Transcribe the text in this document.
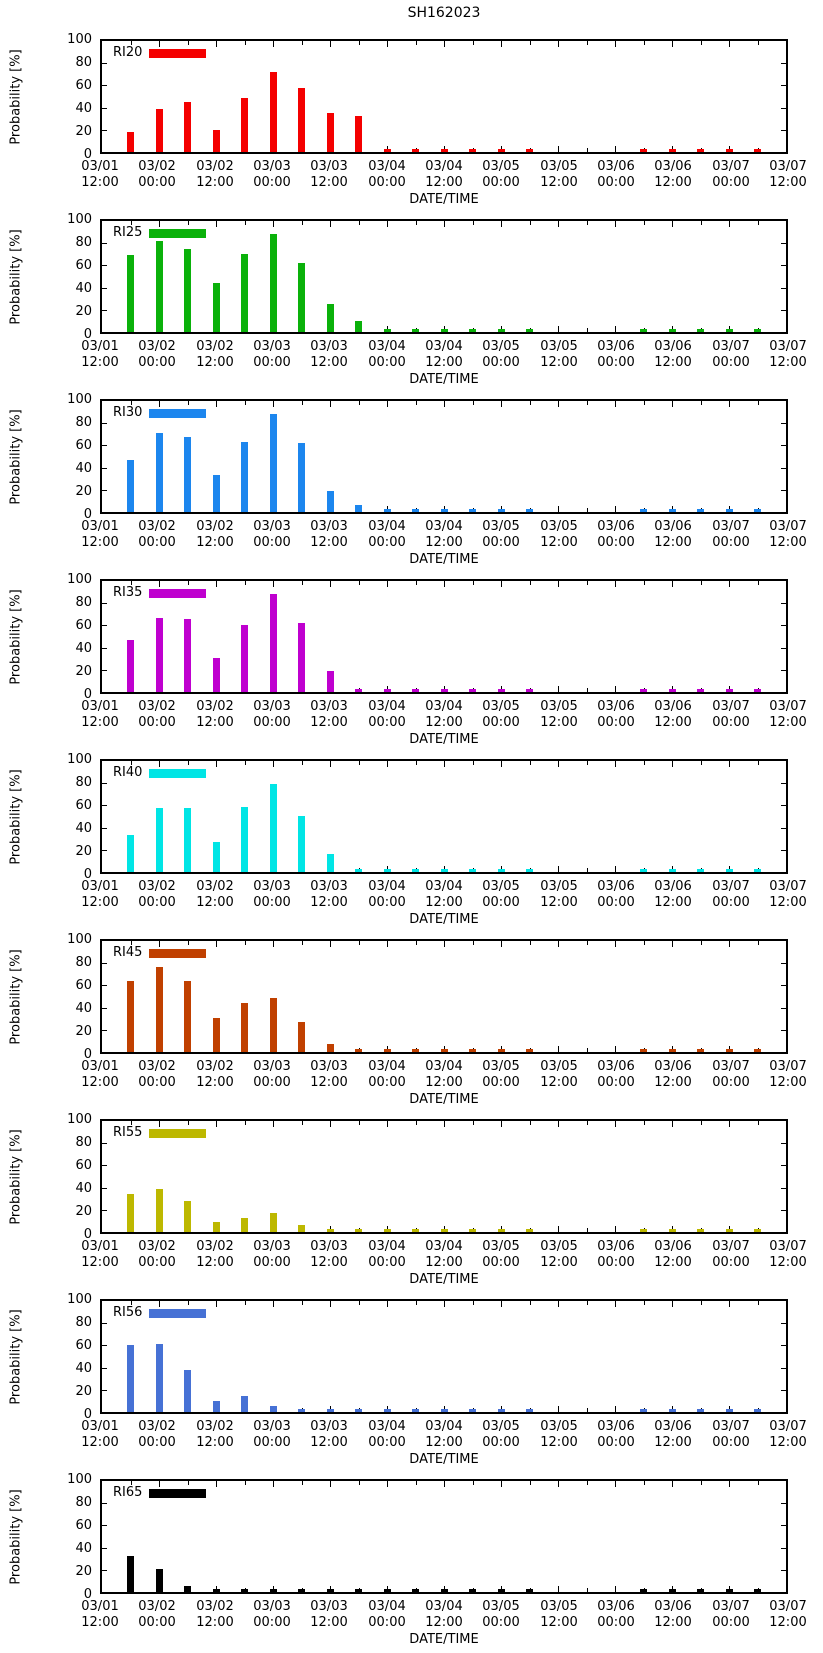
SH162023
Probability [%]
0
20
40
60
80
100
RI20
03/01
12:00
03/02
00:00
03/02
12:00
03/03
00:00
03/03
12:00
03/04
00:00
03/04
12:00
03/05
00:00
03/05
12:00
03/06
00:00
03/06
12:00
03/07
00:00
03/07
12:00
DATE/TIME
Probability [%]
0
20
40
60
80
100
RI25
03/01
12:00
03/02
00:00
03/02
12:00
03/03
00:00
03/03
12:00
03/04
00:00
03/04
12:00
03/05
00:00
03/05
12:00
03/06
00:00
03/06
12:00
03/07
00:00
03/07
12:00
DATE/TIME
Probability [%]
0
20
40
60
80
100
RI30
03/01
12:00
03/02
00:00
03/02
12:00
03/03
00:00
03/03
12:00
03/04
00:00
03/04
12:00
03/05
00:00
03/05
12:00
03/06
00:00
03/06
12:00
03/07
00:00
03/07
12:00
DATE/TIME
Probability [%]
0
20
40
60
80
100
RI35
03/01
12:00
03/02
00:00
03/02
12:00
03/03
00:00
03/03
12:00
03/04
00:00
03/04
12:00
03/05
00:00
03/05
12:00
03/06
00:00
03/06
12:00
03/07
00:00
03/07
12:00
DATE/TIME
Probability [%]
0
20
40
60
80
100
RI40
03/01
12:00
03/02
00:00
03/02
12:00
03/03
00:00
03/03
12:00
03/04
00:00
03/04
12:00
03/05
00:00
03/05
12:00
03/06
00:00
03/06
12:00
03/07
00:00
03/07
12:00
DATE/TIME
Probability [%]
0
20
40
60
80
100
RI45
03/01
12:00
03/02
00:00
03/02
12:00
03/03
00:00
03/03
12:00
03/04
00:00
03/04
12:00
03/05
00:00
03/05
12:00
03/06
00:00
03/06
12:00
03/07
00:00
03/07
12:00
DATE/TIME
Probability [%]
0
20
40
60
80
100
RI55
03/01
12:00
03/02
00:00
03/02
12:00
03/03
00:00
03/03
12:00
03/04
00:00
03/04
12:00
03/05
00:00
03/05
12:00
03/06
00:00
03/06
12:00
03/07
00:00
03/07
12:00
DATE/TIME
Probability [%]
0
20
40
60
80
100
RI56
03/01
12:00
03/02
00:00
03/02
12:00
03/03
00:00
03/03
12:00
03/04
00:00
03/04
12:00
03/05
00:00
03/05
12:00
03/06
00:00
03/06
12:00
03/07
00:00
03/07
12:00
DATE/TIME
Probability [%]
0
20
40
60
80
100
RI65
03/01
12:00
03/02
00:00
03/02
12:00
03/03
00:00
03/03
12:00
03/04
00:00
03/04
12:00
03/05
00:00
03/05
12:00
03/06
00:00
03/06
12:00
03/07
00:00
03/07
12:00
DATE/TIME
